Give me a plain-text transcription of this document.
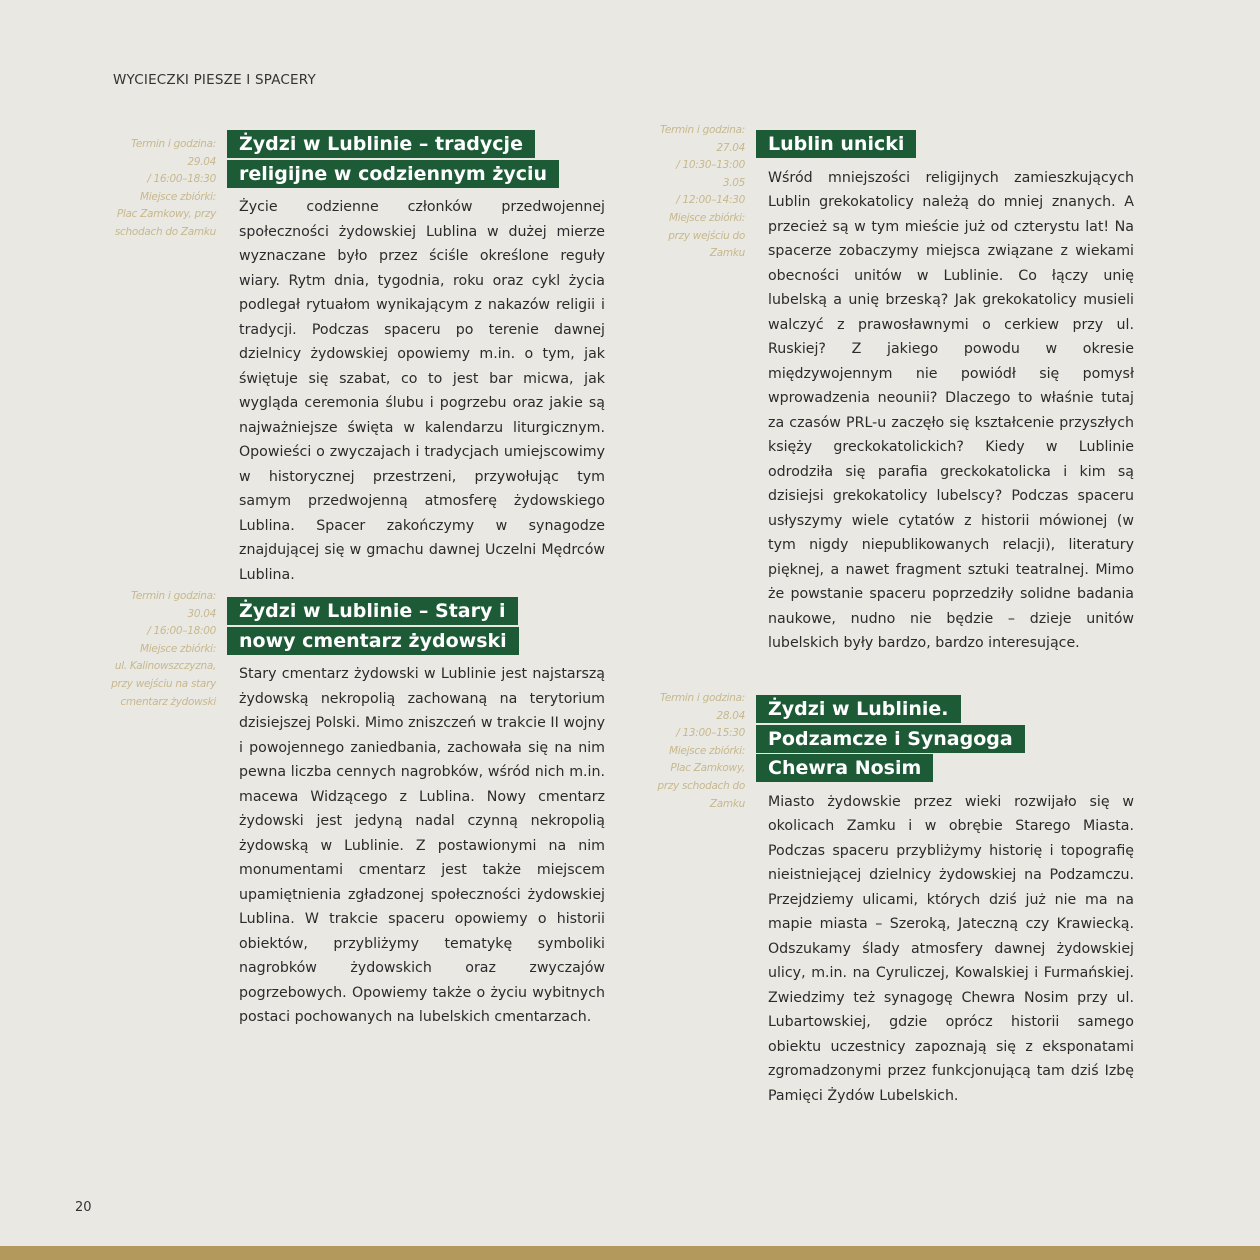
WYCIECZKI PIESZE I SPACERY
Termin i godzina:
29.04
/ 16:00–18:30
Miejsce zbiórki:
Plac Zamkowy, przy
schodach do Zamku
Żydzi w Lublinie – tradycje religijne w codziennym życiu
Życie codzienne członków przedwojennej społeczności żydowskiej Lublina w dużej mierze wyznaczane było przez ściśle określone reguły wiary. Rytm dnia, tygodnia, roku oraz cykl życia podlegał rytuałom wynikającym z nakazów religii i tradycji. Podczas spaceru po terenie dawnej dzielnicy żydowskiej opowiemy m.in. o tym, jak świętuje się szabat, co to jest bar micwa, jak wygląda ceremonia ślubu i pogrzebu oraz jakie są najważniejsze święta w kalendarzu liturgicznym. Opowieści o zwyczajach i tradycjach umiejscowimy w historycznej przestrzeni, przywołując tym samym przedwojenną atmosferę żydowskiego Lublina. Spacer zakończymy w synagodze znajdującej się w gmachu dawnej Uczelni Mędrców Lublina.
Termin i godzina:
30.04
/ 16:00–18:00
Miejsce zbiórki:
ul. Kalinowszczyzna,
przy wejściu na stary
cmentarz żydowski
Żydzi w Lublinie – Stary i nowy cmentarz żydowski
Stary cmentarz żydowski w Lublinie jest najstarszą żydowską nekropolią zachowaną na terytorium dzisiejszej Polski. Mimo zniszczeń w trakcie II wojny i powojennego zaniedbania, zachowała się na nim pewna liczba cennych nagrobków, wśród nich m.in. macewa Widzącego z Lublina. Nowy cmentarz żydowski jest jedyną nadal czynną nekropolią żydowską w Lublinie. Z postawionymi na nim monumentami cmentarz jest także miejscem upamiętnienia zgładzonej społeczności żydowskiej Lublina. W trakcie spaceru opowiemy o historii obiektów, przybliżymy tematykę symboliki nagrobków żydowskich oraz zwyczajów pogrzebowych. Opowiemy także o życiu wybitnych postaci pochowanych na lubelskich cmentarzach.
Termin i godzina:
27.04
/ 10:30–13:00
3.05
/ 12:00–14:30
Miejsce zbiórki:
przy wejściu do
Zamku
Lublin unicki
Wśród mniejszości religijnych zamieszkujących Lublin grekokatolicy należą do mniej znanych. A przecież są w tym mieście już od czterystu lat! Na spacerze zobaczymy miejsca związane z wiekami obecności unitów w Lublinie. Co łączy unię lubelską a unię brzeską? Jak grekokatolicy musieli walczyć z prawosławnymi o cerkiew przy ul. Ruskiej? Z jakiego powodu w okresie międzywojennym nie powiódł się pomysł wprowadzenia neounii? Dlaczego to właśnie tutaj za czasów PRL-u zaczęło się kształcenie przyszłych księży greckokatolickich? Kiedy w Lublinie odrodziła się parafia greckokatolicka i kim są dzisiejsi grekokatolicy lubelscy? Podczas spaceru usłyszymy wiele cytatów z historii mówionej (w tym nigdy niepublikowanych relacji), literatury pięknej, a nawet fragment sztuki teatralnej. Mimo że powstanie spaceru poprzedziły solidne badania naukowe, nudno nie będzie – dzieje unitów lubelskich były bardzo, bardzo interesujące.
Termin i godzina:
28.04
/ 13:00–15:30
Miejsce zbiórki:
Plac Zamkowy,
przy schodach do
Zamku
Żydzi w Lublinie. Podzamcze i Synagoga Chewra Nosim
Miasto żydowskie przez wieki rozwijało się w okolicach Zamku i w obrębie Starego Miasta. Podczas spaceru przybliżymy historię i topografię nieistniejącej dzielnicy żydowskiej na Podzamczu. Przejdziemy ulicami, których dziś już nie ma na mapie miasta – Szeroką, Jateczną czy Krawiecką. Odszukamy ślady atmosfery dawnej żydowskiej ulicy, m.in. na Cyruliczej, Kowalskiej i Furmańskiej. Zwiedzimy też synagogę Chewra Nosim przy ul. Lubartowskiej, gdzie oprócz historii samego obiektu uczestnicy zapoznają się z eksponatami zgromadzonymi przez funkcjonującą tam dziś Izbę Pamięci Żydów Lubelskich.
20
